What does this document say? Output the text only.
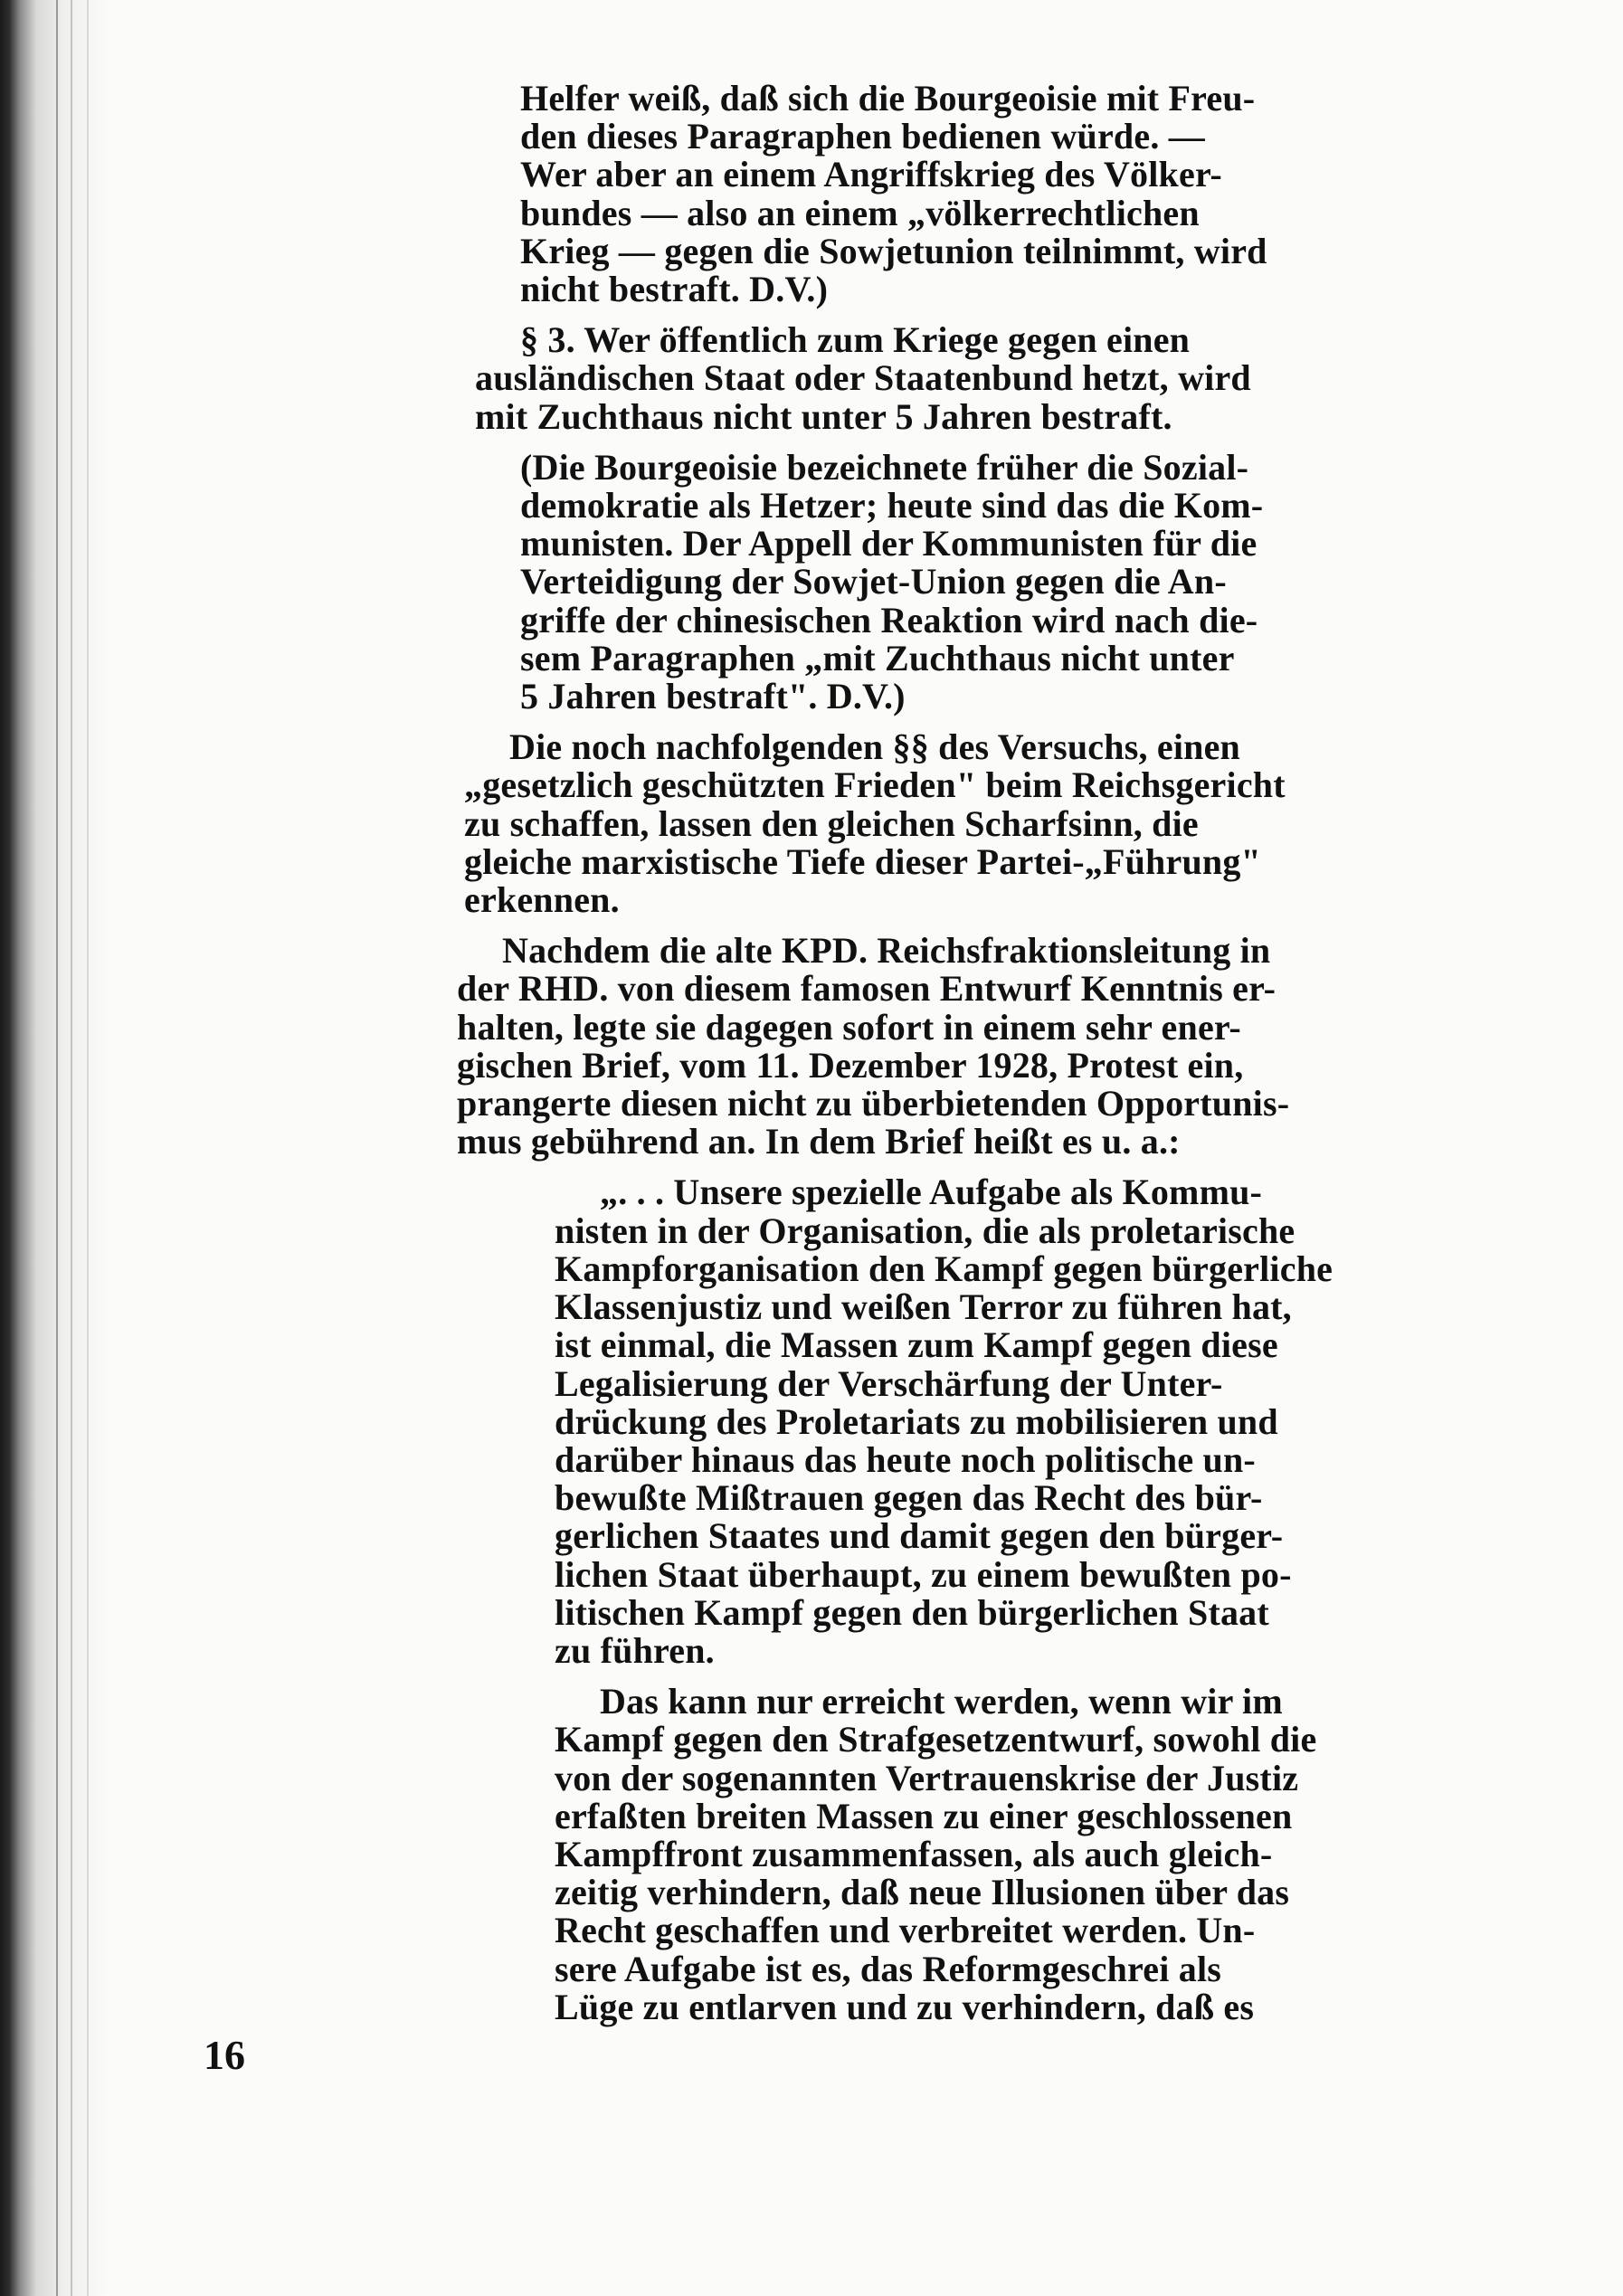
Helfer weiß, daß sich die Bourgeoisie mit Freu-
den dieses Paragraphen bedienen würde. —
Wer aber an einem Angriffskrieg des Völker-
bundes — also an einem „völkerrechtlichen
Krieg — gegen die Sowjetunion teilnimmt, wird
nicht bestraft. D.V.)
§ 3. Wer öffentlich zum Kriege gegen einen
ausländischen Staat oder Staatenbund hetzt, wird
mit Zuchthaus nicht unter 5 Jahren bestraft.
(Die Bourgeoisie bezeichnete früher die Sozial-
demokratie als Hetzer; heute sind das die Kom-
munisten. Der Appell der Kommunisten für die
Verteidigung der Sowjet-Union gegen die An-
griffe der chinesischen Reaktion wird nach die-
sem Paragraphen „mit Zuchthaus nicht unter
5 Jahren bestraft". D.V.)
Die noch nachfolgenden §§ des Versuchs, einen
„gesetzlich geschützten Frieden" beim Reichsgericht
zu schaffen, lassen den gleichen Scharfsinn, die
gleiche marxistische Tiefe dieser Partei-„Führung"
erkennen.
Nachdem die alte KPD. Reichsfraktionsleitung in
der RHD. von diesem famosen Entwurf Kenntnis er-
halten, legte sie dagegen sofort in einem sehr ener-
gischen Brief, vom 11. Dezember 1928, Protest ein,
prangerte diesen nicht zu überbietenden Opportunis-
mus gebührend an. In dem Brief heißt es u. a.:
„. . . Unsere spezielle Aufgabe als Kommu-
nisten in der Organisation, die als proletarische
Kampforganisation den Kampf gegen bürgerliche
Klassenjustiz und weißen Terror zu führen hat,
ist einmal, die Massen zum Kampf gegen diese
Legalisierung der Verschärfung der Unter-
drückung des Proletariats zu mobilisieren und
darüber hinaus das heute noch politische un-
bewußte Mißtrauen gegen das Recht des bür-
gerlichen Staates und damit gegen den bürger-
lichen Staat überhaupt, zu einem bewußten po-
litischen Kampf gegen den bürgerlichen Staat
zu führen.
Das kann nur erreicht werden, wenn wir im
Kampf gegen den Strafgesetzentwurf, sowohl die
von der sogenannten Vertrauenskrise der Justiz
erfaßten breiten Massen zu einer geschlossenen
Kampffront zusammenfassen, als auch gleich-
zeitig verhindern, daß neue Illusionen über das
Recht geschaffen und verbreitet werden. Un-
sere Aufgabe ist es, das Reformgeschrei als
Lüge zu entlarven und zu verhindern, daß es
16
